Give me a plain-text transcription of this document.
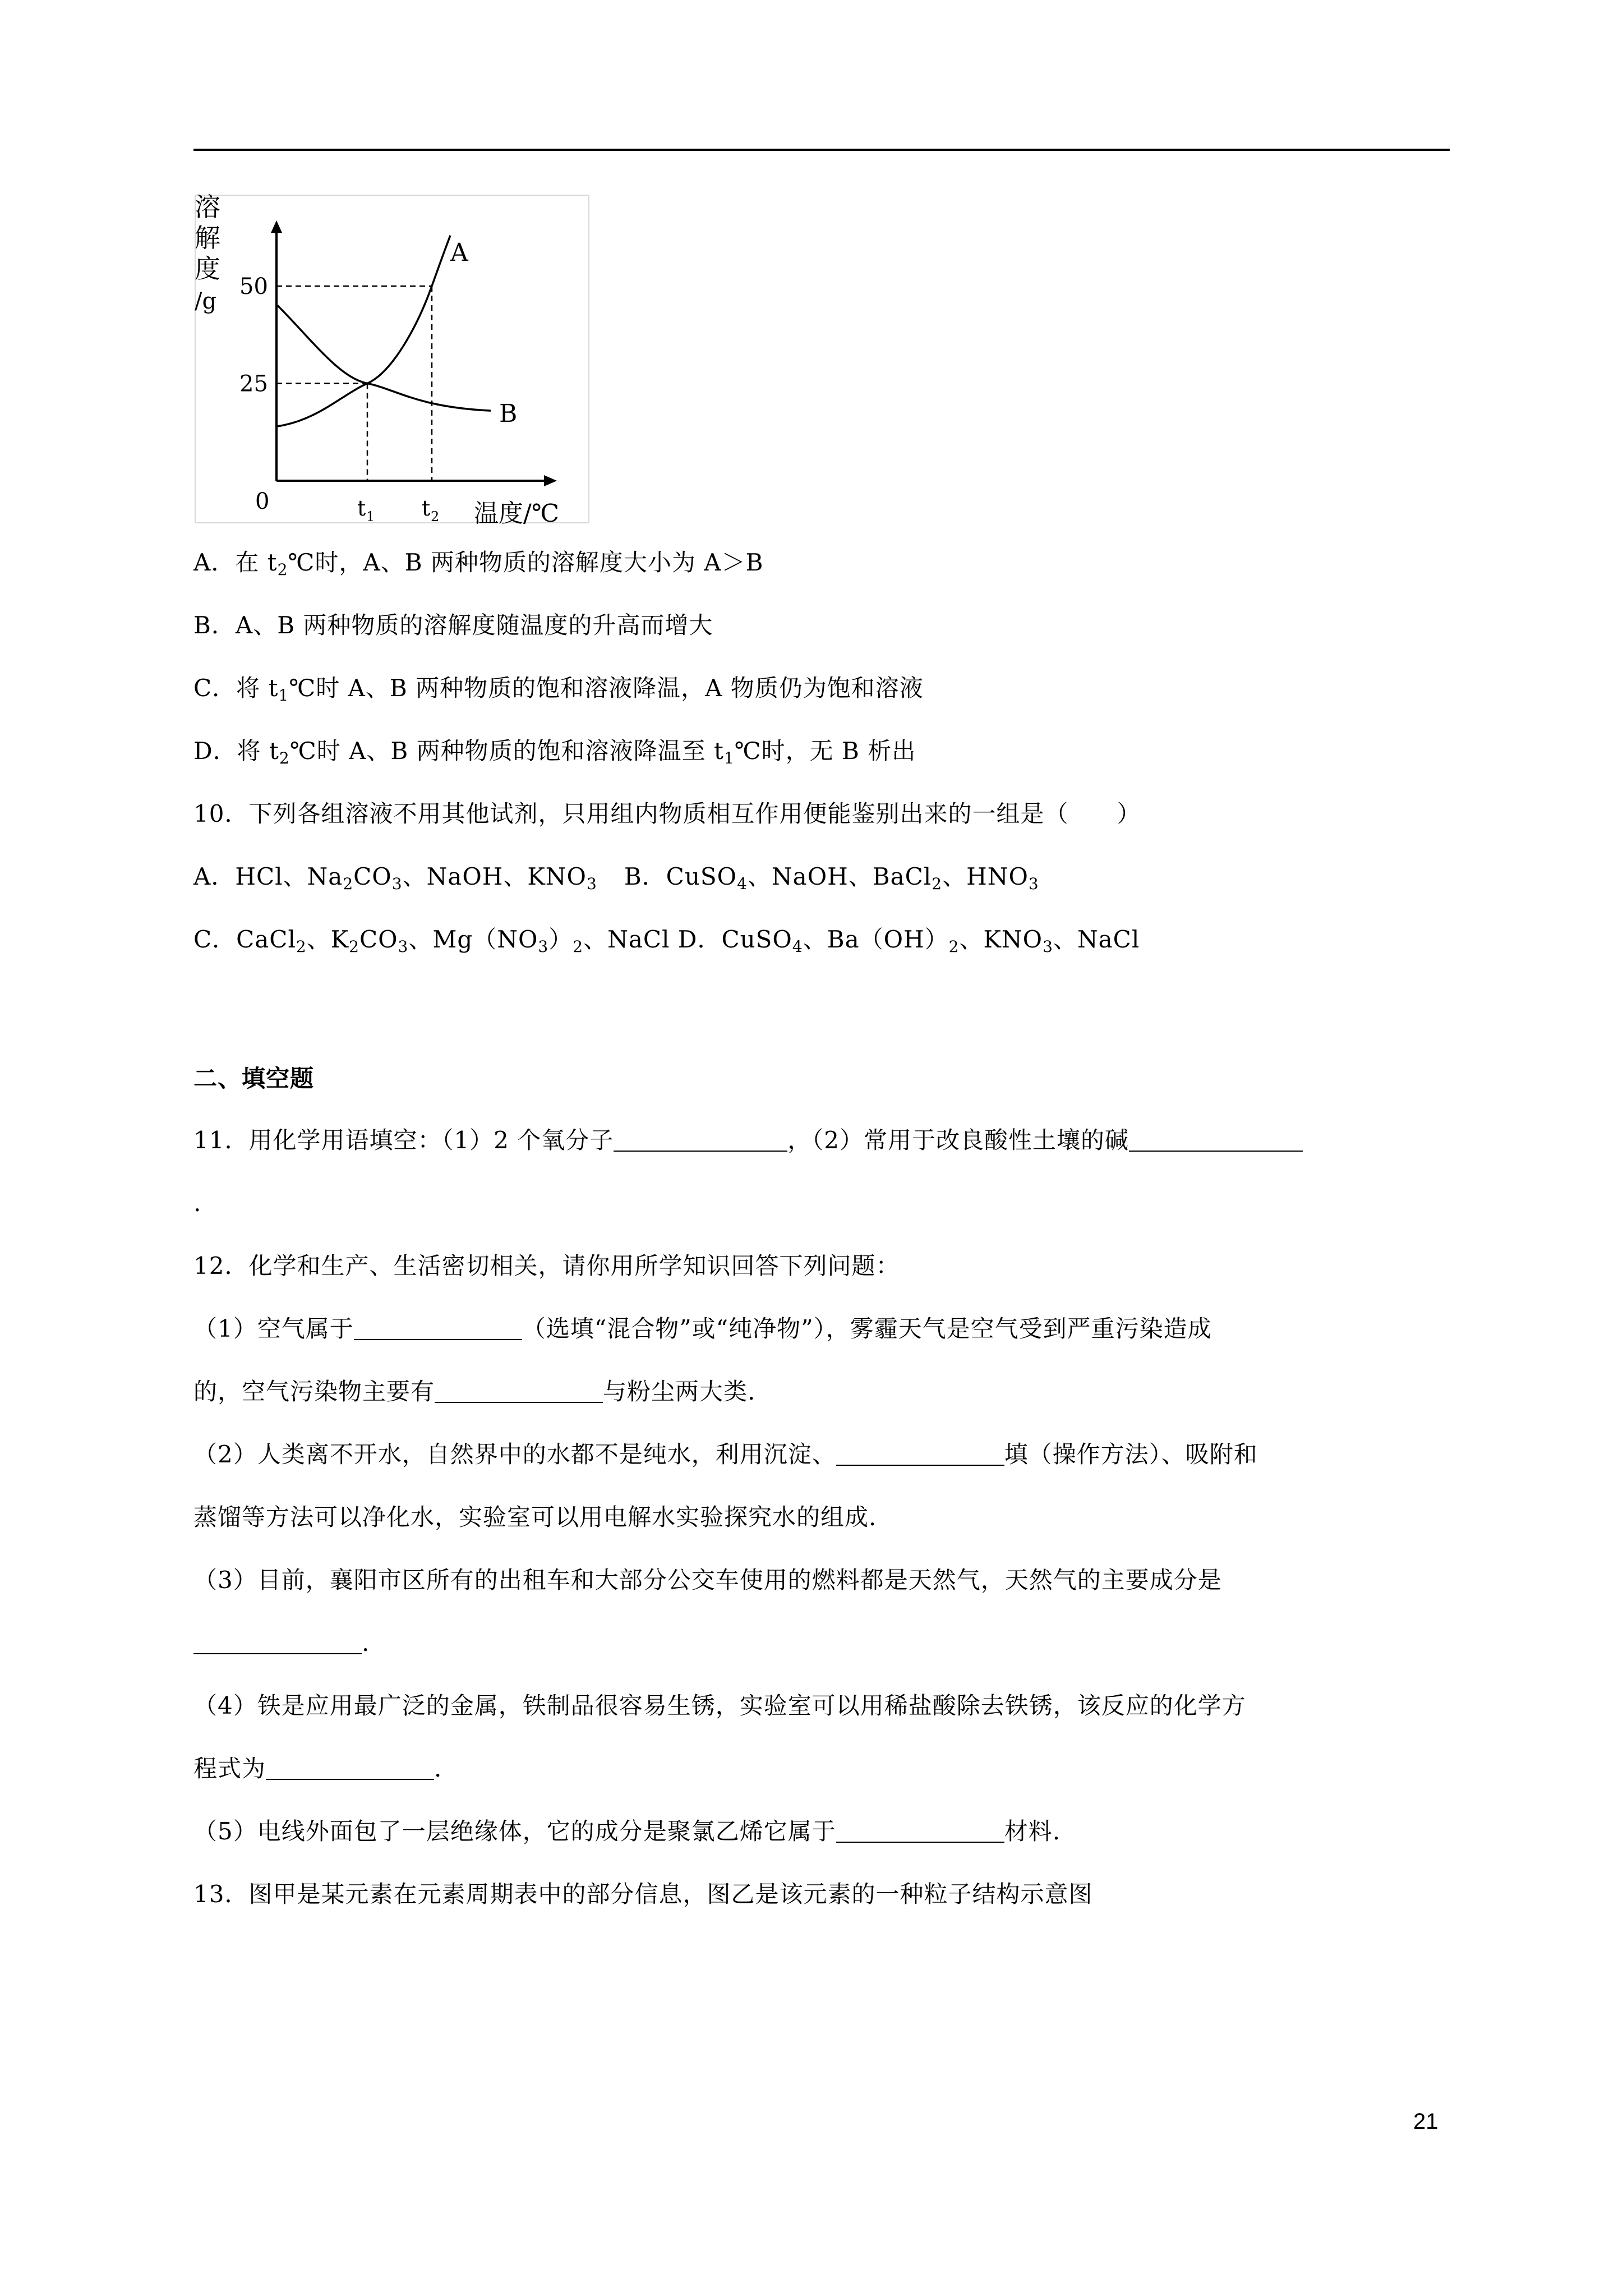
溶
解
度
/g
50
25
0	t 1 t 2 温度/℃
A
B
A．在 $t_2℃$时，A、B 两种物质的溶解度大小为 A＞B
B．A、B 两种物质的溶解度随温度的升高而增大
C．将 $t_1℃$时 A、B 两种物质的饱和溶液降温，A 物质仍为饱和溶液
D．将 $t_2℃$时 A、B 两种物质的饱和溶液降温至 $t_1℃$时，无 B 析出
10．下列各组溶液不用其他试剂，只用组内物质相互作用便能鉴别出来的一组是（　　）
A．HCl、$Na_2CO_3$、NaOH、$KNO_3$ B．CuSO$_4$、NaOH、BaCl$_2$、$HNO_3$
C．CaCl$_2$、$K_2CO_3$、$Mg(NO_3)_2$、NaCl D．CuSO$_4$、$Ba(OH)_2$、$KNO_3$、NaCl
二、填空题
11．用化学用语填空：（1）2 个氧分子	，（2）常用于改良酸性土壤的碱
.
12．化学和生产、生活密切相关，请你用所学知识回答下列问题：
（1）空气属于	（选填“混合物”或“纯净物”），雾霾天气是空气受到严重污染造成
的，空气污染物主要有	与粉尘两大类.
（2）人类离不开水，自然界中的水都不是纯水，利用沉淀、	填（操作方法）、吸附和
蒸馏等方法可以净化水，实验室可以用电解水实验探究水的组成.
（3）目前，襄阳市区所有的出租车和大部分公交车使用的燃料都是天然气，天然气的主要成分是
.
（4）铁是应用最广泛的金属，铁制品很容易生锈，实验室可以用稀盐酸除去铁锈，该反应的化学方
程式为	.
（5）电线外面包了一层绝缘体，它的成分是聚氯乙烯它属于	材料.
13．图甲是某元素在元素周期表中的部分信息，图乙是该元素的一种粒子结构示意图
21
